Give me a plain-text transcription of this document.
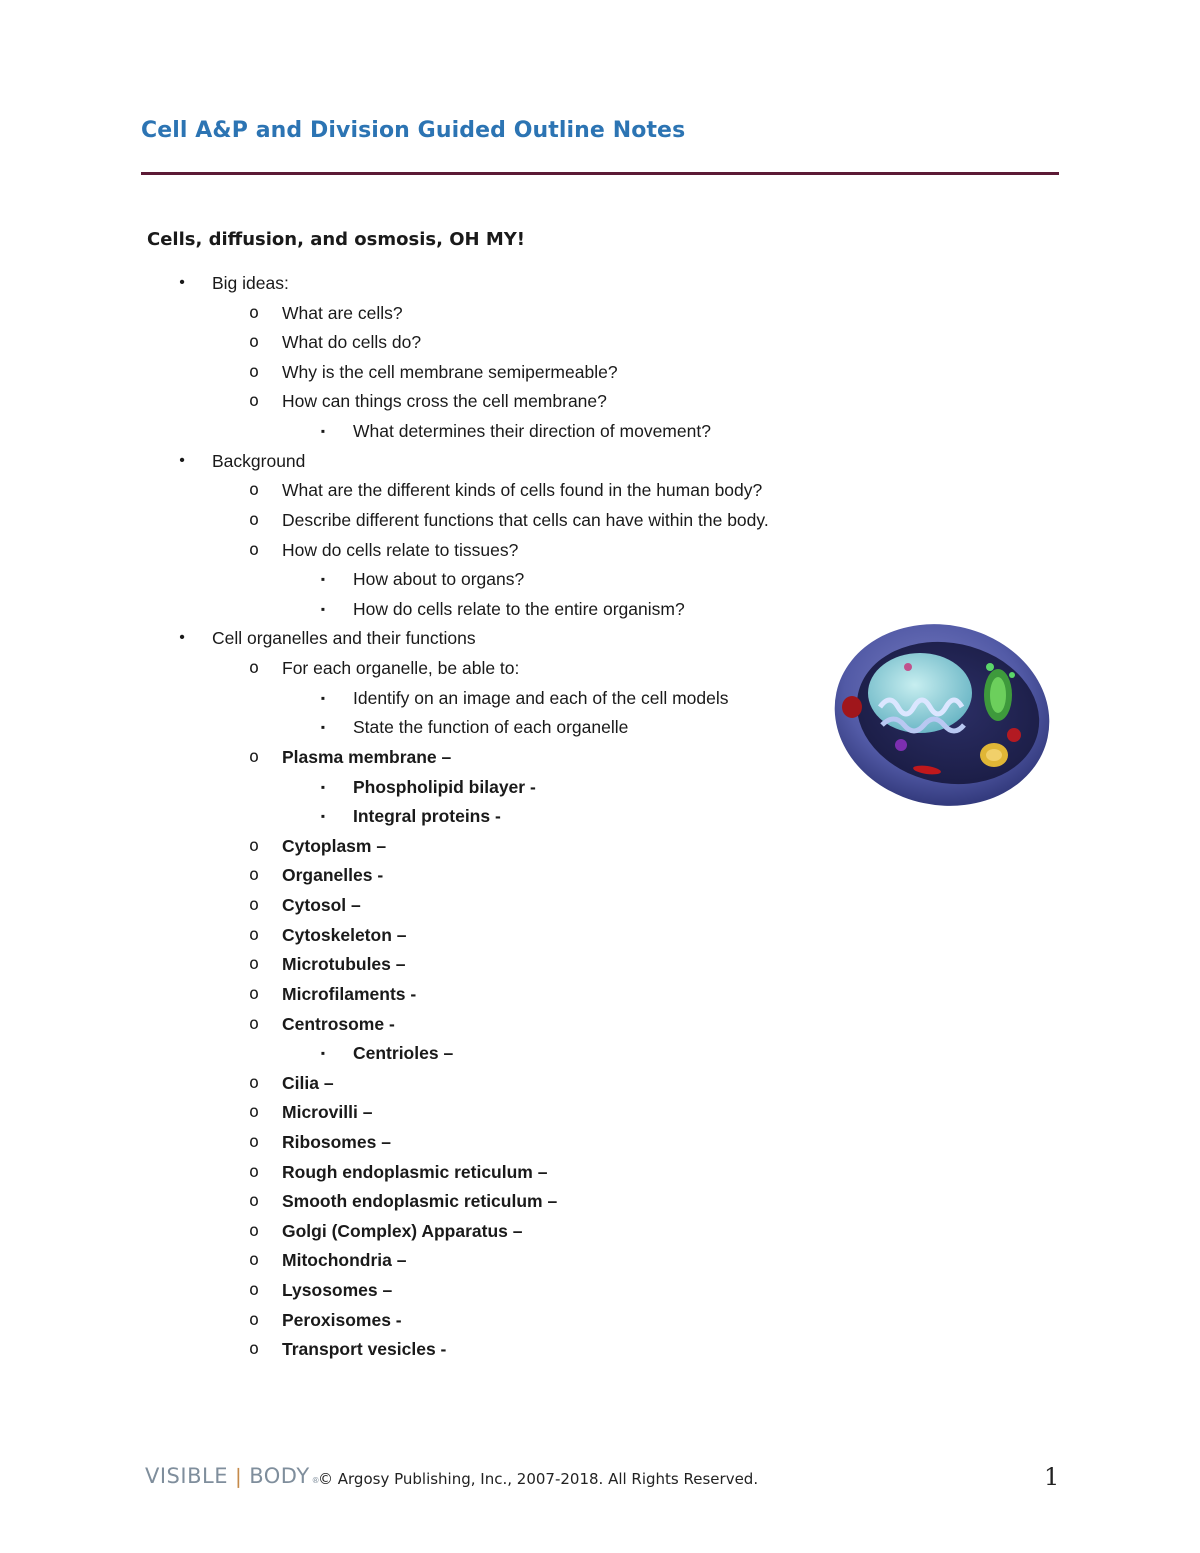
Cell A&P and Division Guided Outline Notes
Cells, diffusion, and osmosis, OH MY!
•	Big ideas:
o What are cells?
o What do cells do?
o Why is the cell membrane semipermeable?
o How can things cross the cell membrane?
▪	What determines their direction of movement?
•	Background
o What are the different kinds of cells found in the human body?
o Describe different functions that cells can have within the body.
o How do cells relate to tissues?
▪	How about to organs?
▪	How do cells relate to the entire organism?
•	Cell organelles and their functions
o For each organelle, be able to:
▪	Identify on an image and each of the cell models
▪	State the function of each organelle
o Plasma membrane –
▪	Phospholipid bilayer -
▪	Integral proteins -
o Cytoplasm –
o Organelles -
o Cytosol –
o Cytoskeleton –
o Microtubules –
o Microfilaments -
o Centrosome -
▪	Centrioles –
o Cilia –
o Microvilli –
o Ribosomes –
o Rough endoplasmic reticulum –
o Smooth endoplasmic reticulum –
o Golgi (Complex) Apparatus –
o Mitochondria –
o Lysosomes –
o Peroxisomes -
o Transport vesicles -
VISIBLE ❘ BODY $_®$
© Argosy Publishing, Inc., 2007-2018. All Rights Reserved.	1
